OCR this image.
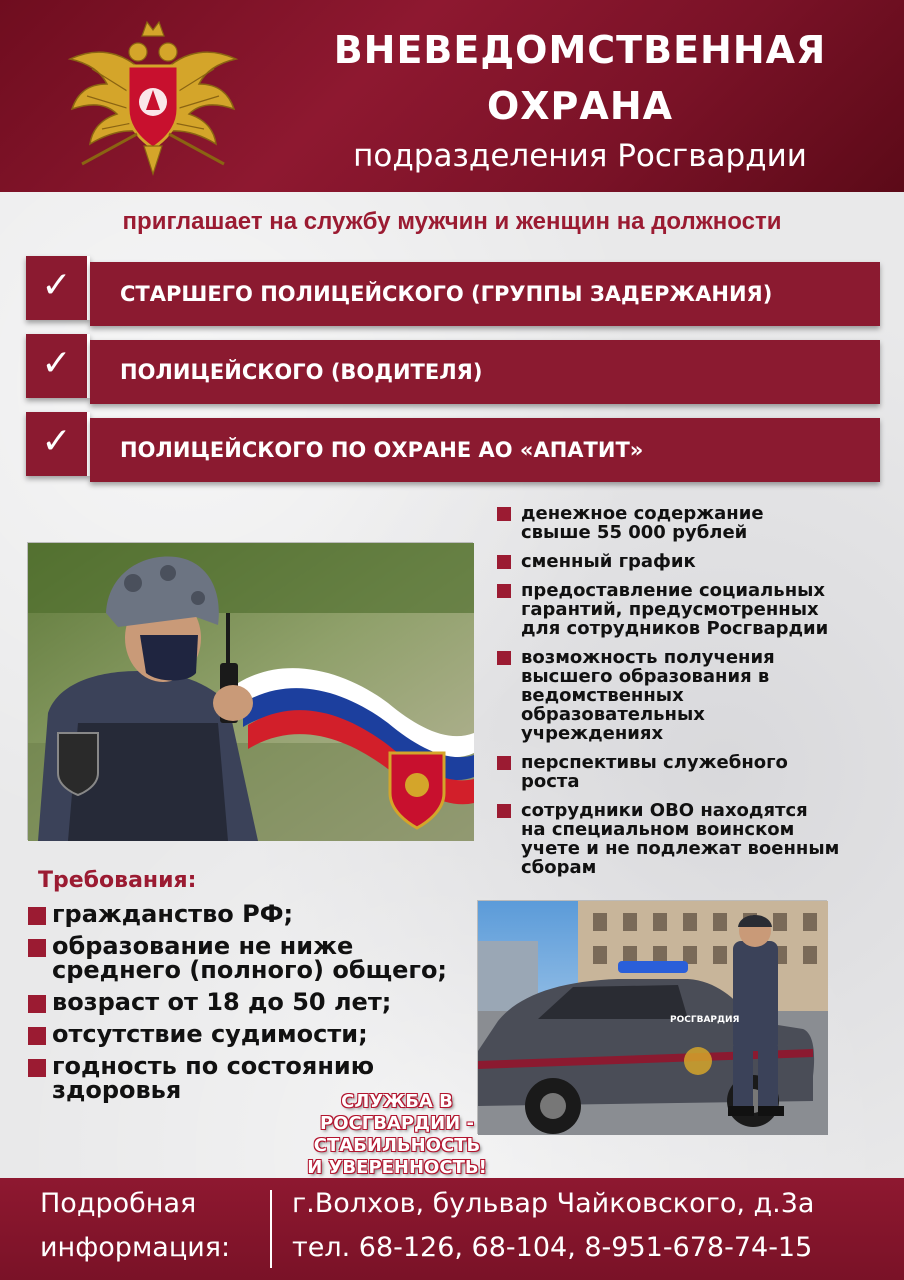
ВНЕВЕДОМСТВЕННАЯ
ОХРАНА
подразделения Росгвардии
приглашает на службу мужчин и женщин на должности
✓	СТАРШЕГО ПОЛИЦЕЙСКОГО (ГРУППЫ ЗАДЕРЖАНИЯ)
✓	ПОЛИЦЕЙСКОГО (ВОДИТЕЛЯ)
✓	ПОЛИЦЕЙСКОГО ПО ОХРАНЕ АО «АПАТИТ»
СЛУЖБА В
РОСГВАРДИИ -
СТАБИЛЬНОСТЬ
И УВЕРЕННОСТЬ!
денежное содержание
свыше 55 000 рублей
сменный график
предоставление социальных
гарантий, предусмотренных
для сотрудников Росгвардии
возможность получения
высшего образования в
ведомственных
образовательных
учреждениях
перспективы служебного
роста
сотрудники ОВО находятся
на специальном воинском
учете и не подлежат военным
сборам
Требования:
гражданство РФ;
образование не ниже
среднего (полного) общего;
возраст от 18 до 50 лет;
отсутствие судимости;
годность по состоянию
здоровья
РОСГВАРДИЯ
Подробная
информация:
г.Волхов, бульвар Чайковского, д.3а
тел. 68-126, 68-104, 8-951-678-74-15
